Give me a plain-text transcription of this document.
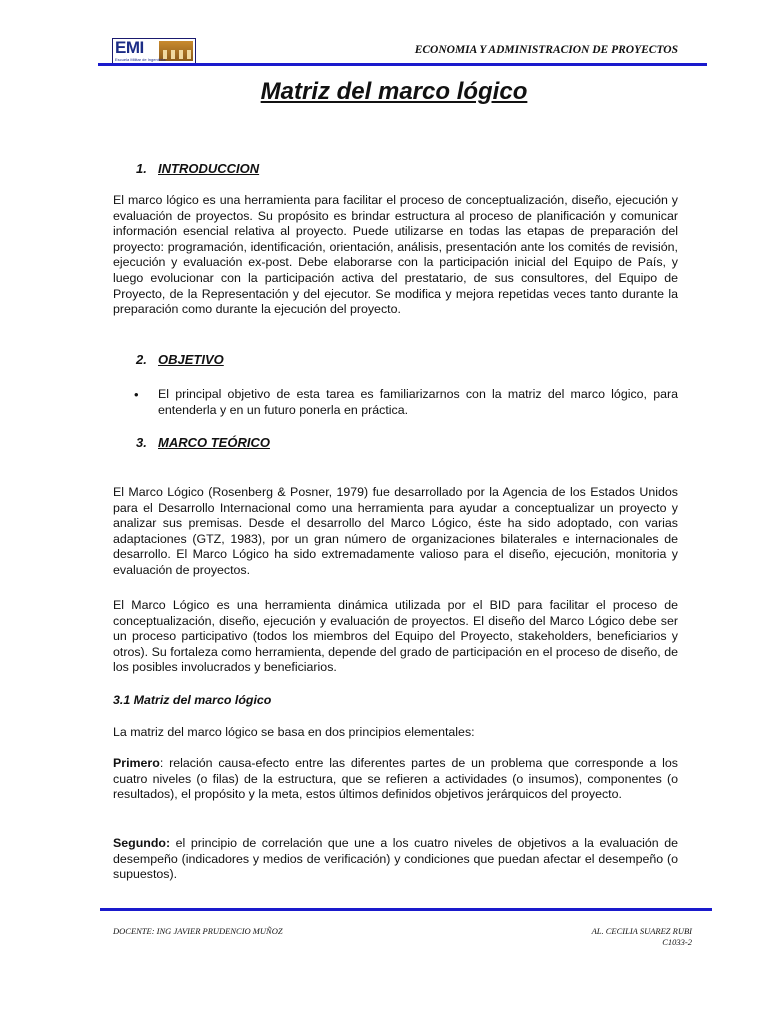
EMI
Escuela Militar de Ingeniería
ECONOMIA Y ADMINISTRACION DE PROYECTOS
Matriz del marco lógico
1. INTRODUCCION
El marco lógico es una herramienta para facilitar el proceso de conceptualización, diseño, ejecución y evaluación de proyectos. Su propósito es brindar estructura al proceso de planificación y comunicar información esencial relativa al proyecto. Puede utilizarse en todas las etapas de preparación del proyecto: programación, identificación, orientación, análisis, presentación ante los comités de revisión, ejecución y evaluación ex-post. Debe elaborarse con la participación inicial del Equipo de País, y luego evolucionar con la participación activa del prestatario, de sus consultores, del Equipo de Proyecto, de la Representación y del ejecutor. Se modifica y mejora repetidas veces tanto durante la preparación como durante la ejecución del proyecto.
2. OBJETIVO
• El principal objetivo de esta tarea es familiarizarnos con la matriz del marco lógico, para entenderla y en un futuro ponerla en práctica.
3. MARCO TEÓRICO
El Marco Lógico (Rosenberg & Posner, 1979) fue desarrollado por la Agencia de los Estados Unidos para el Desarrollo Internacional como una herramienta para ayudar a conceptualizar un proyecto y analizar sus premisas. Desde el desarrollo del Marco Lógico, éste ha sido adoptado, con varias adaptaciones (GTZ, 1983), por un gran número de organizaciones bilaterales e internacionales de desarrollo. El Marco Lógico ha sido extremadamente valioso para el diseño, ejecución, monitoria y evaluación de proyectos.
El Marco Lógico es una herramienta dinámica utilizada por el BID para facilitar el proceso de conceptualización, diseño, ejecución y evaluación de proyectos. El diseño del Marco Lógico debe ser un proceso participativo (todos los miembros del Equipo del Proyecto, stakeholders, beneficiarios y otros). Su fortaleza como herramienta, depende del grado de participación en el proceso de diseño, de los posibles involucrados y beneficiarios.
3.1 Matriz del marco lógico
La matriz del marco lógico se basa en dos principios elementales:
Primero: relación causa-efecto entre las diferentes partes de un problema que corresponde a los cuatro niveles (o filas) de la estructura, que se refieren a actividades (o insumos), componentes (o resultados), el propósito y la meta, estos últimos definidos objetivos jerárquicos del proyecto.
Segundo: el principio de correlación que une a los cuatro niveles de objetivos a la evaluación de desempeño (indicadores y medios de verificación) y condiciones que puedan afectar el desempeño (o supuestos).
DOCENTE: ING JAVIER PRUDENCIO MUÑOZ	AL. CECILIA SUAREZ RUBI
C1033-2
